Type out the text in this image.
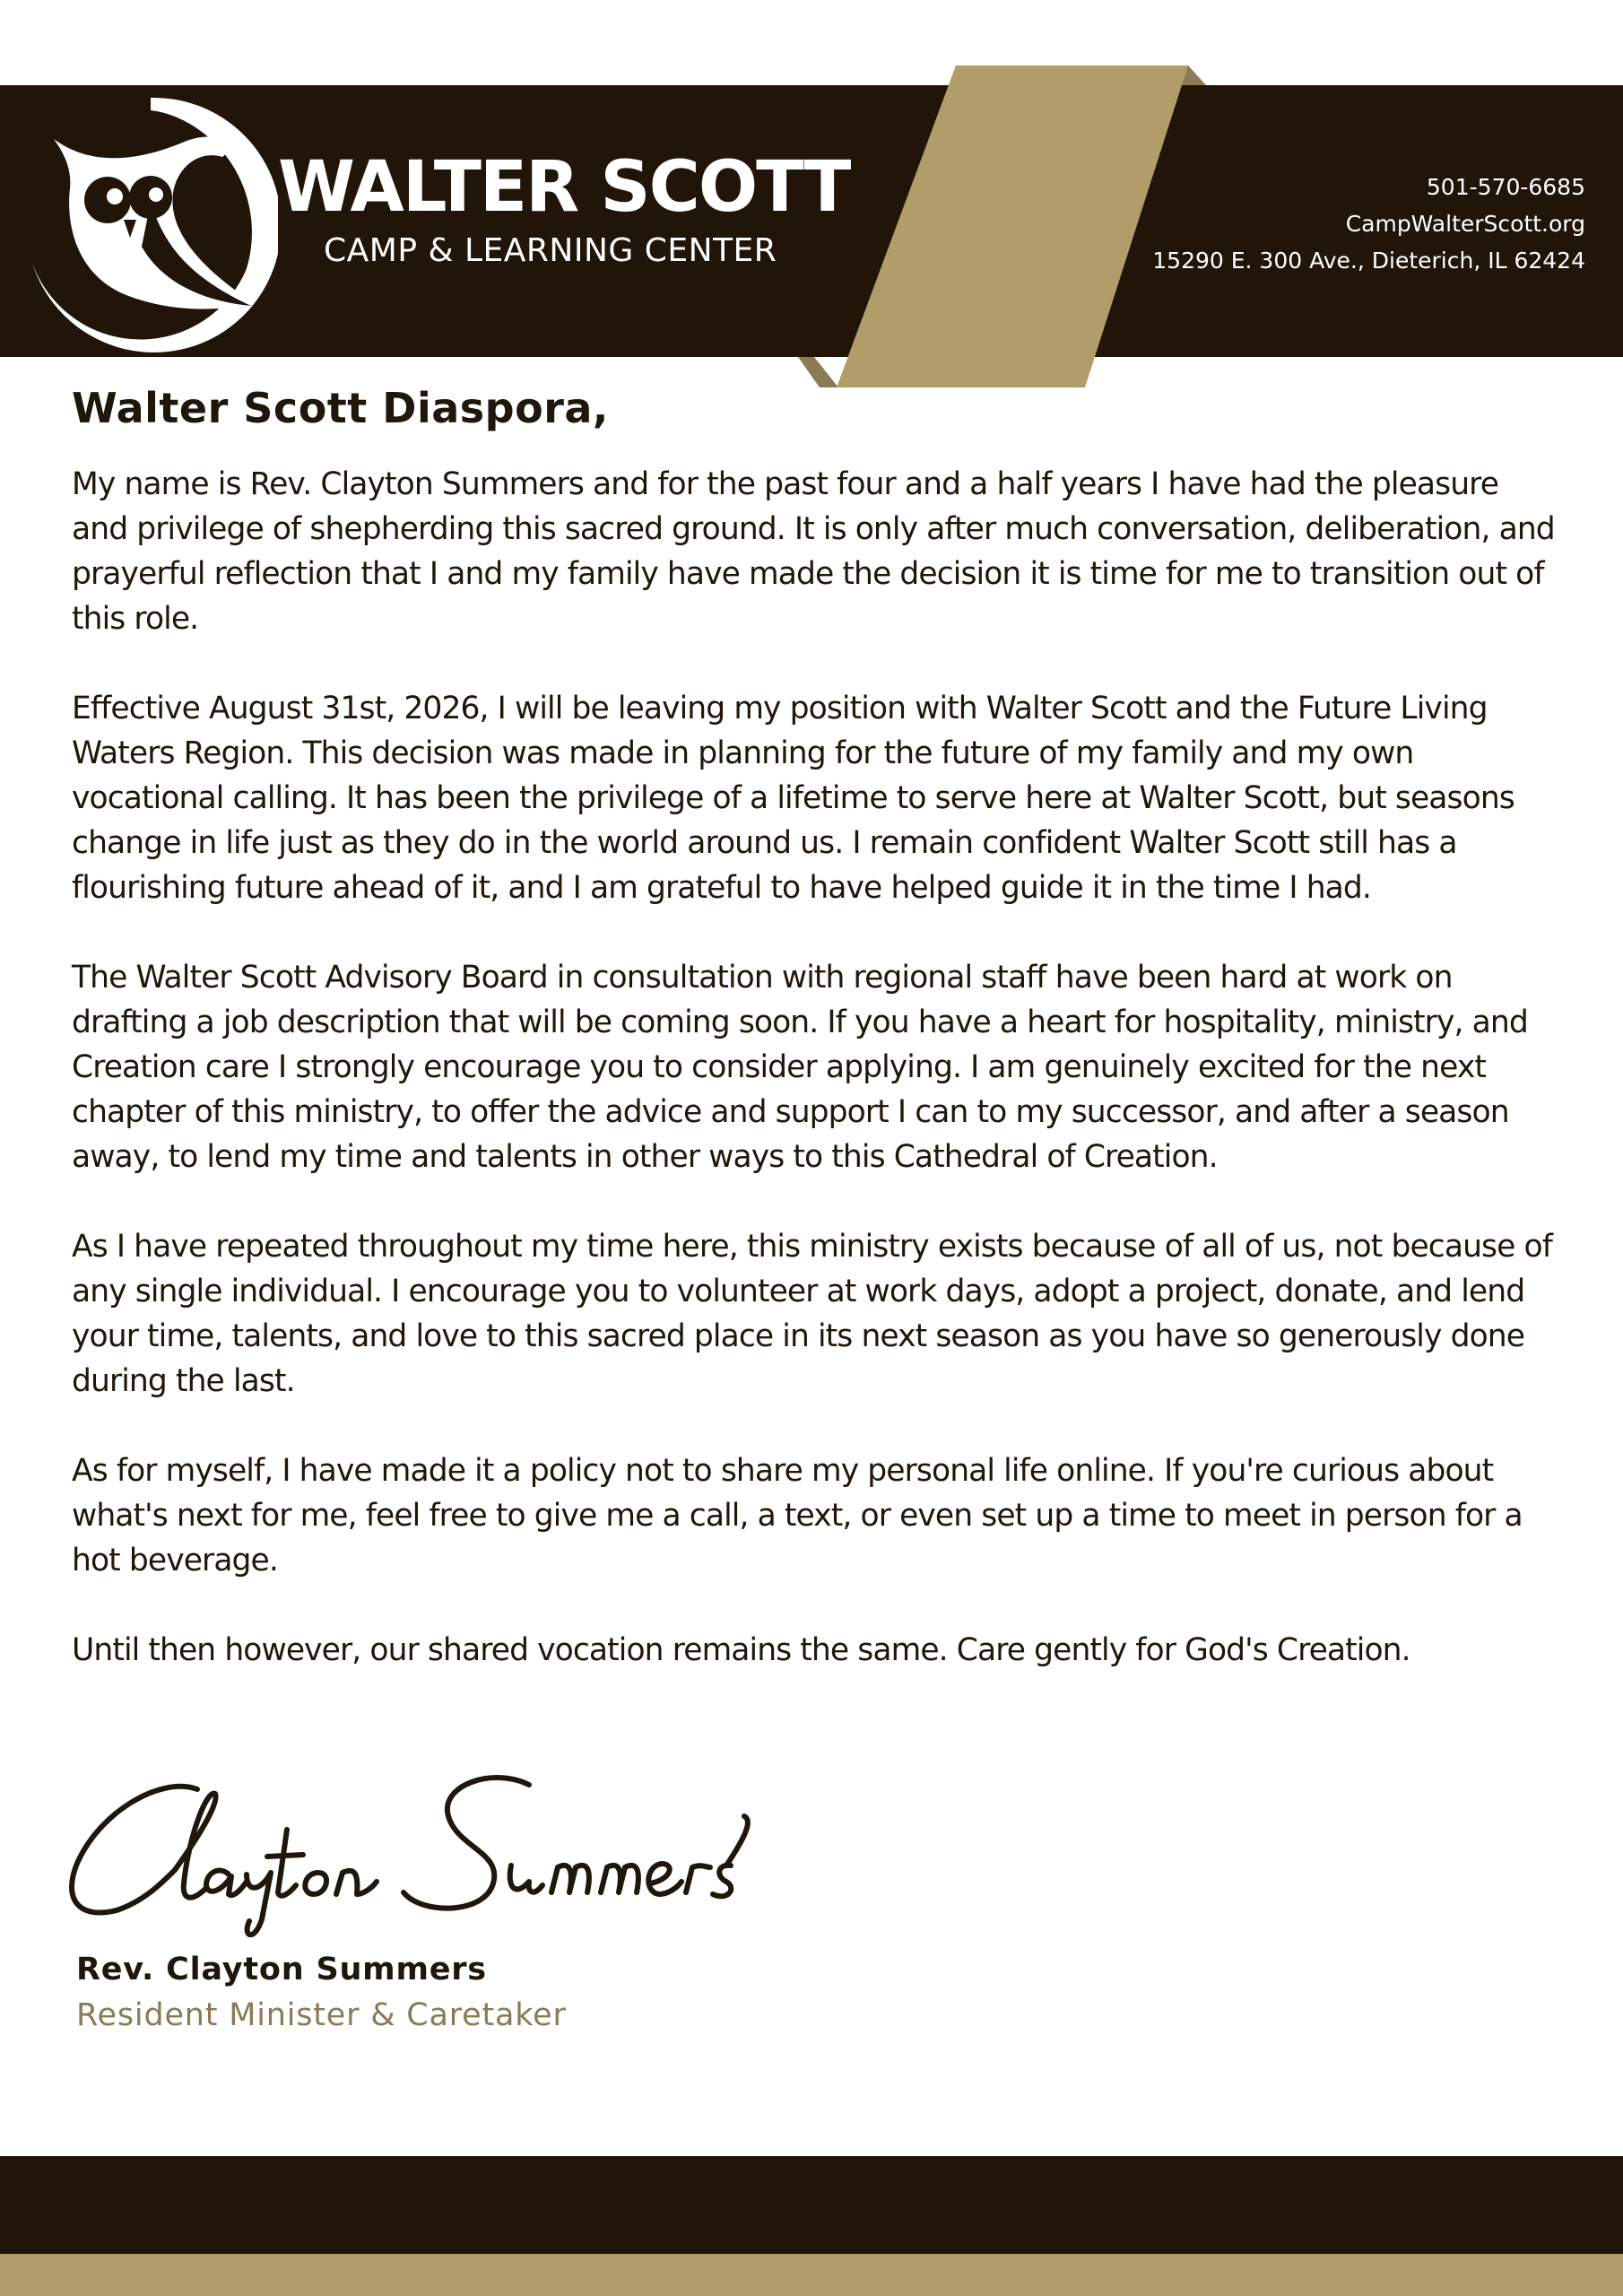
WALTER SCOTT
CAMP & LEARNING CENTER
501-570-6685
CampWalterScott.org
15290 E. 300 Ave., Dieterich, IL 62424
Walter Scott Diaspora,

My name is Rev. Clayton Summers and for the past four and a half years I have had the pleasure and privilege of shepherding this sacred ground. It is only after much conversation, deliberation, and prayerful reflection that I and my family have made the decision it is time for me to transition out of this role.

Effective August 31st, 2026, I will be leaving my position with Walter Scott and the Future Living Waters Region. This decision was made in planning for the future of my family and my own vocational calling. It has been the privilege of a lifetime to serve here at Walter Scott, but seasons change in life just as they do in the world around us. I remain confident Walter Scott still has a flourishing future ahead of it, and I am grateful to have helped guide it in the time I had.

The Walter Scott Advisory Board in consultation with regional staff have been hard at work on drafting a job description that will be coming soon. If you have a heart for hospitality, ministry, and Creation care I strongly encourage you to consider applying. I am genuinely excited for the next chapter of this ministry, to offer the advice and support I can to my successor, and after a season away, to lend my time and talents in other ways to this Cathedral of Creation.

As I have repeated throughout my time here, this ministry exists because of all of us, not because of any single individual. I encourage you to volunteer at work days, adopt a project, donate, and lend your time, talents, and love to this sacred place in its next season as you have so generously done during the last.

As for myself, I have made it a policy not to share my personal life online. If you're curious about what's next for me, feel free to give me a call, a text, or even set up a time to meet in person for a hot beverage.

Until then however, our shared vocation remains the same. Care gently for God's Creation.

Rev. Clayton Summers
Resident Minister & Caretaker
